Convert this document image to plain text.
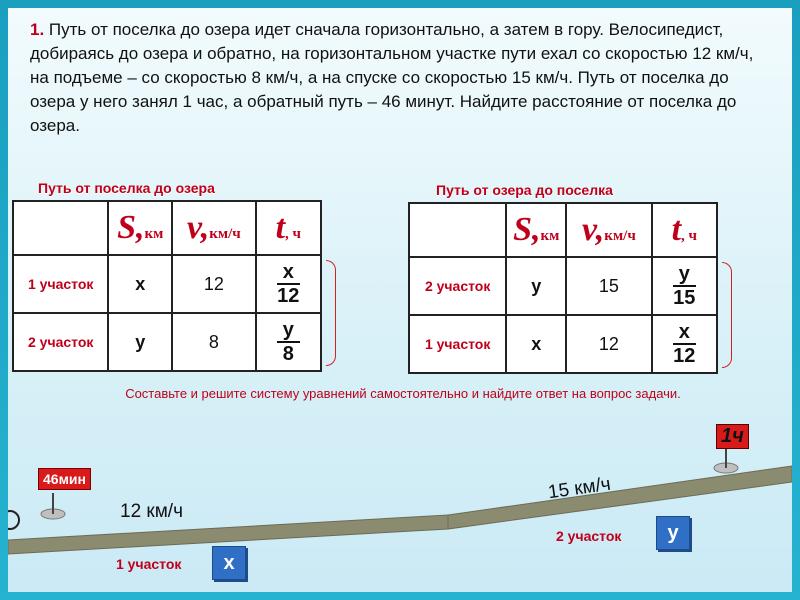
1. Путь от поселка до озера идет сначала горизонтально, а затем в гору. Велосипедист, добираясь до озера и обратно, на горизонтальном участке пути ехал со скоростью 12 км/ч, на подъеме – со скоростью 8 км/ч, а на спуске со скоростью 15 км/ч. Путь от поселка до озера у него занял 1 час, а обратный путь – 46 минут. Найдите расстояние от поселка до озера.
Путь от поселка до озера
	S,км	v,км/ч	t, ч
1 участок	х	12	$\frac{х}{12}$

2 участок	у	8	$\frac{у}{8}$
Путь от озера до поселка
	S,км	v,км/ч	t, ч
2 участок	у	15	$\frac{у}{15}$

1 участок	х	12	$\frac{х}{12}$
Составьте и решите систему уравнений самостоятельно и найдите ответ на вопрос задачи.
46мин
1ч
12 км/ч
15 км/ч
1 участок	х
2 участок	у
